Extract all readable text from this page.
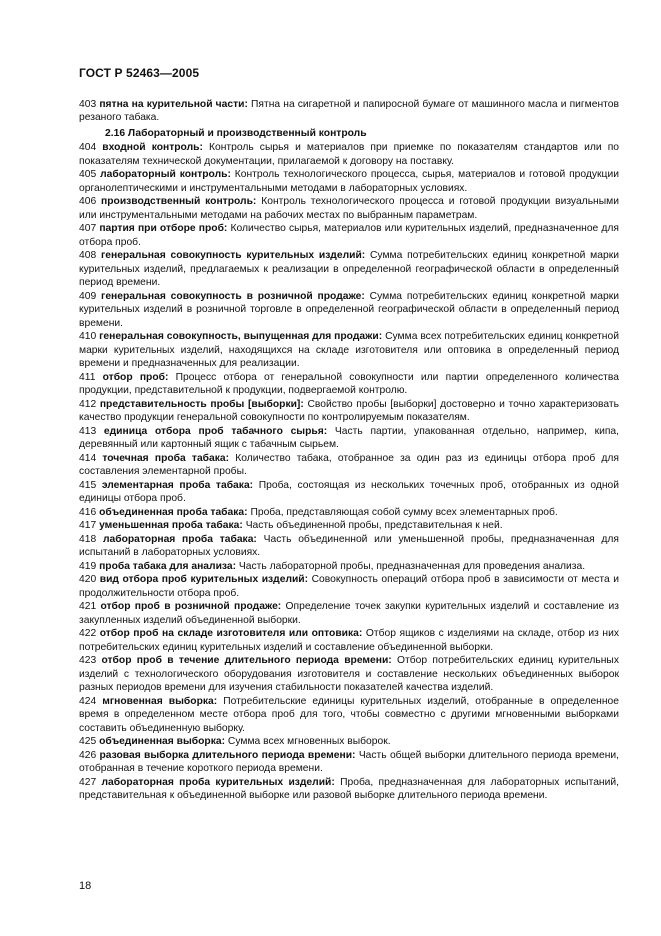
ГОСТ Р 52463—2005

403 пятна на курительной части: Пятна на сигаретной и папиросной бумаге от машинного масла и пигментов резаного табака.

2.16 Лабораторный и производственный контроль

404 входной контроль: Контроль сырья и материалов при приемке по показателям стандартов или по показателям технической документации, прилагаемой к договору на поставку.

405 лабораторный контроль: Контроль технологического процесса, сырья, материалов и готовой продукции органолептическими и инструментальными методами в лабораторных условиях.

406 производственный контроль: Контроль технологического процесса и готовой продукции визуальными или инструментальными методами на рабочих местах по выбранным параметрам.

407 партия при отборе проб: Количество сырья, материалов или курительных изделий, предназначенное для отбора проб.

408 генеральная совокупность курительных изделий: Сумма потребительских единиц конкретной марки курительных изделий, предлагаемых к реализации в определенной географической области в определенный период времени.

409 генеральная совокупность в розничной продаже: Сумма потребительских единиц конкретной марки курительных изделий в розничной торговле в определенной географической области в определенный период времени.

410 генеральная совокупность, выпущенная для продажи: Сумма всех потребительских единиц конкретной марки курительных изделий, находящихся на складе изготовителя или оптовика в определенный период времени и предназначенных для реализации.

411 отбор проб: Процесс отбора от генеральной совокупности или партии определенного количества продукции, представительной к продукции, подвергаемой контролю.

412 представительность пробы [выборки]: Свойство пробы [выборки] достоверно и точно характеризовать качество продукции генеральной совокупности по контролируемым показателям.

413 единица отбора проб табачного сырья: Часть партии, упакованная отдельно, например, кипа, деревянный или картонный ящик с табачным сырьем.

414 точечная проба табака: Количество табака, отобранное за один раз из единицы отбора проб для составления элементарной пробы.

415 элементарная проба табака: Проба, состоящая из нескольких точечных проб, отобранных из одной единицы отбора проб.

416 объединенная проба табака: Проба, представляющая собой сумму всех элементарных проб.

417 уменьшенная проба табака: Часть объединенной пробы, представительная к ней.

418 лабораторная проба табака: Часть объединенной или уменьшенной пробы, предназначенная для испытаний в лабораторных условиях.

419 проба табака для анализа: Часть лабораторной пробы, предназначенная для проведения анализа.

420 вид отбора проб курительных изделий: Совокупность операций отбора проб в зависимости от места и продолжительности отбора проб.

421 отбор проб в розничной продаже: Определение точек закупки курительных изделий и составление из закупленных изделий объединенной выборки.

422 отбор проб на складе изготовителя или оптовика: Отбор ящиков с изделиями на складе, отбор из них потребительских единиц курительных изделий и составление объединенной выборки.

423 отбор проб в течение длительного периода времени: Отбор потребительских единиц курительных изделий с технологического оборудования изготовителя и составление нескольких объединенных выборок разных периодов времени для изучения стабильности показателей качества изделий.

424 мгновенная выборка: Потребительские единицы курительных изделий, отобранные в определенное время в определенном месте отбора проб для того, чтобы совместно с другими мгновенными выборками составить объединенную выборку.

425 объединенная выборка: Сумма всех мгновенных выборок.

426 разовая выборка длительного периода времени: Часть общей выборки длительного периода времени, отобранная в течение короткого периода времени.

427 лабораторная проба курительных изделий: Проба, предназначенная для лабораторных испытаний, представительная к объединенной выборке или разовой выборке длительного периода времени.

18
